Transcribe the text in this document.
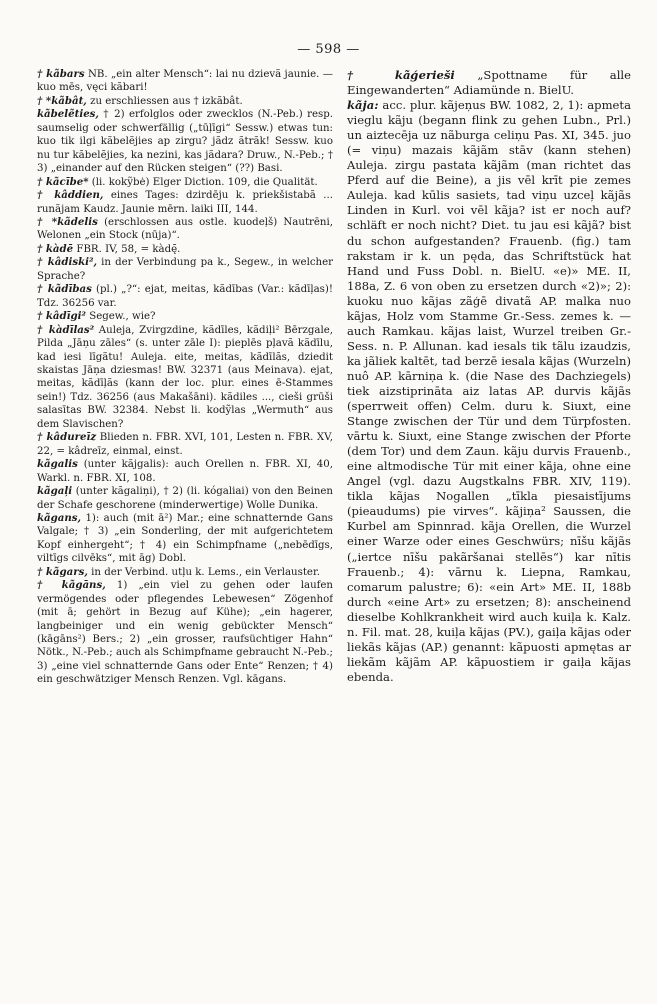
— 598 —

† kãbars NB. „ein alter Mensch“: lai nu dzievã jaunie. — kuo mēs, vęci kãbari!

† *kãbât, zu erschliessen aus † izkãbât.

kãbelẽties, † 2) erfolglos oder zwecklos (N.-Peb.) resp. saumselig oder schwerfällig („tūļīgi“ Sessw.) etwas tun: kuo tik ilgi kãbelẽjies ap zirgu? jãdz ãtrãk! Sessw. kuo nu tur kãbelẽjies, ka nezini, kas jãdara? Druw., N.-Peb.; † 3) „einander auf den Rücken steigen“ (??) Basi.

† kãcībe* (li. kokỹbė) Elger Diction. 109, die Qualität.

† kâddien, eines Tages: dzirdēju k. priekšistabã ... runãjam Kaudz. Jaunie mērn. laiki III, 144.

† *kãdelis (erschlossen aus ostle. kuodeļš) Nautrēni, Welonen „ein Stock (nūja)“.

† kàdē FBR. IV, 58, = kàdę̄.

† kâdiski², in der Verbindung pa k., Segew., in welcher Sprache?

† kãdības (pl.) „?“: ejat, meitas, kãdības (Var.: kãdīļas)! Tdz. 36256 var.

† kâdīgi² Segew., wie?

† kàdīlas² Auleja, Zvirgzdine, kãdīles, kãdiļi² Bērzgale, Pilda „Jāņu zāles“ (s. unter zāle I): pieplēs pļavã kãdīlu, kad iesi līgãtu! Auleja. eite, meitas, kãdīlãs, dziedit skaistas Jāņa dziesmas! BW. 32371 (aus Meinava). ejat, meitas, kãdīļãs (kann der loc. plur. eines ē-Stammes sein!) Tdz. 36256 (aus Makašāni). kãdiles ..., cieši grūši salasītas BW. 32384. Nebst li. kodỹlas „Wermuth“ aus dem Slavischen?

† kâdureīz Blieden n. FBR. XVI, 101, Lesten n. FBR. XV, 22, = kâdreīz, einmal, einst.

kãgalis (unter kãjgalis): auch Orellen n. FBR. XI, 40, Warkl. n. FBR. XI, 108.

kãgaļi (unter kãgaliņi), † 2) (li. kógaliai) von den Beinen der Schafe geschorene (minderwertige) Wolle Dunika.

kãgans, 1): auch (mit ā²) Mar.; eine schnatternde Gans Valgale; † 3) „ein Sonderling, der mit aufgerichtetem Kopf einhergeht“; † 4) ein Schimpfname („nebēdīgs, viltīgs cilvēks“, mit āg) Dobl.

† kãgars, in der Verbind. utļu k. Lems., ein Verlauster.

† kãgāns, 1) „ein viel zu gehen oder laufen vermögendes oder pflegendes Lebewesen“ Zögenhof (mit ā; gehört in Bezug auf Kühe); „ein hagerer, langbeiniger und ein wenig gebückter Mensch“ (kāgāns²) Bers.; 2) „ein grosser, raufsüchtiger Hahn“ Nötk., N.-Peb.; auch als Schimpfname gebraucht N.-Peb.; 3) „eine viel schnatternde Gans oder Ente“ Renzen; † 4) ein geschwätziger Mensch Renzen. Vgl. kāgans.

† kãǵerieši „Spottname für alle Eingewanderten“ Adiamünde n. BielU.

kãja: acc. plur. kãjeņus BW. 1082, 2, 1): apmeta vieglu kãju (begann flink zu gehen Lubn., Prl.) un aiztecēja uz nãburga celiņu Pas. XI, 345. juo (= viņu) mazais kãjãm stāv (kann stehen) Auleja. zirgu pastata kãjãm (man richtet das Pferd auf die Beine), a jis vēl krīt pie zemes Auleja. kad kūlis sasiets, tad viņu uzceļ kãjãs Linden in Kurl. voi vēl kãja? ist er noch auf? schläft er noch nicht? Diet. tu jau esi kãjã? bist du schon aufgestanden? Frauenb. (fig.) tam rakstam ir k. un pęda, das Schriftstück hat Hand und Fuss Dobl. n. BielU. «e)» ME. II, 188a, Z. 6 von oben zu ersetzen durch «2)»; 2): kuoku nuo kãjas zãģē divatã AP. malka nuo kãjas, Holz vom Stamme Gr.-Sess. zemes k. — auch Ramkau. kãjas laist, Wurzel treiben Gr.-Sess. n. P. Allunan. kad iesals tik tãlu izaudzis, ka jãliek kaltēt, tad berzē iesala kãjas (Wurzeln) nuô AP. kārniņa k. (die Nase des Dachziegels) tiek aizstiprināta aiz latas AP. durvis kãjãs (sperrweit offen) Celm. duru k. Siuxt, eine Stange zwischen der Tür und dem Türpfosten. vārtu k. Siuxt, eine Stange zwischen der Pforte (dem Tor) und dem Zaun. kãju durvis Frauenb., eine altmodische Tür mit einer kãja, ohne eine Angel (vgl. dazu Augstkalns FBR. XIV, 119). tikla kãjas Nogallen „tīkla piesaistījums (pieaudums) pie virves“. kãjiņa² Saussen, die Kurbel am Spinnrad. kãja Orellen, die Wurzel einer Warze oder eines Geschwürs; nīšu kãjãs („iertce nīšu pakãršanai stellēs“) kar nītis Frauenb.; 4): vārnu k. Liepna, Ramkau, comarum palustre; 6): «ein Art» ME. II, 188b durch «eine Art» zu ersetzen; 8): anscheinend dieselbe Kohlkrankheit wird auch kuiļa k. Kalz. n. Fil. mat. 28, kuiļa kãjas (PV.), gaiļa kãjas oder liekãs kãjas (AP.) genannt: kãpuosti apmętas ar liekãm kãjãm AP. kãpuostiem ir gaiļa kãjas ebenda.
